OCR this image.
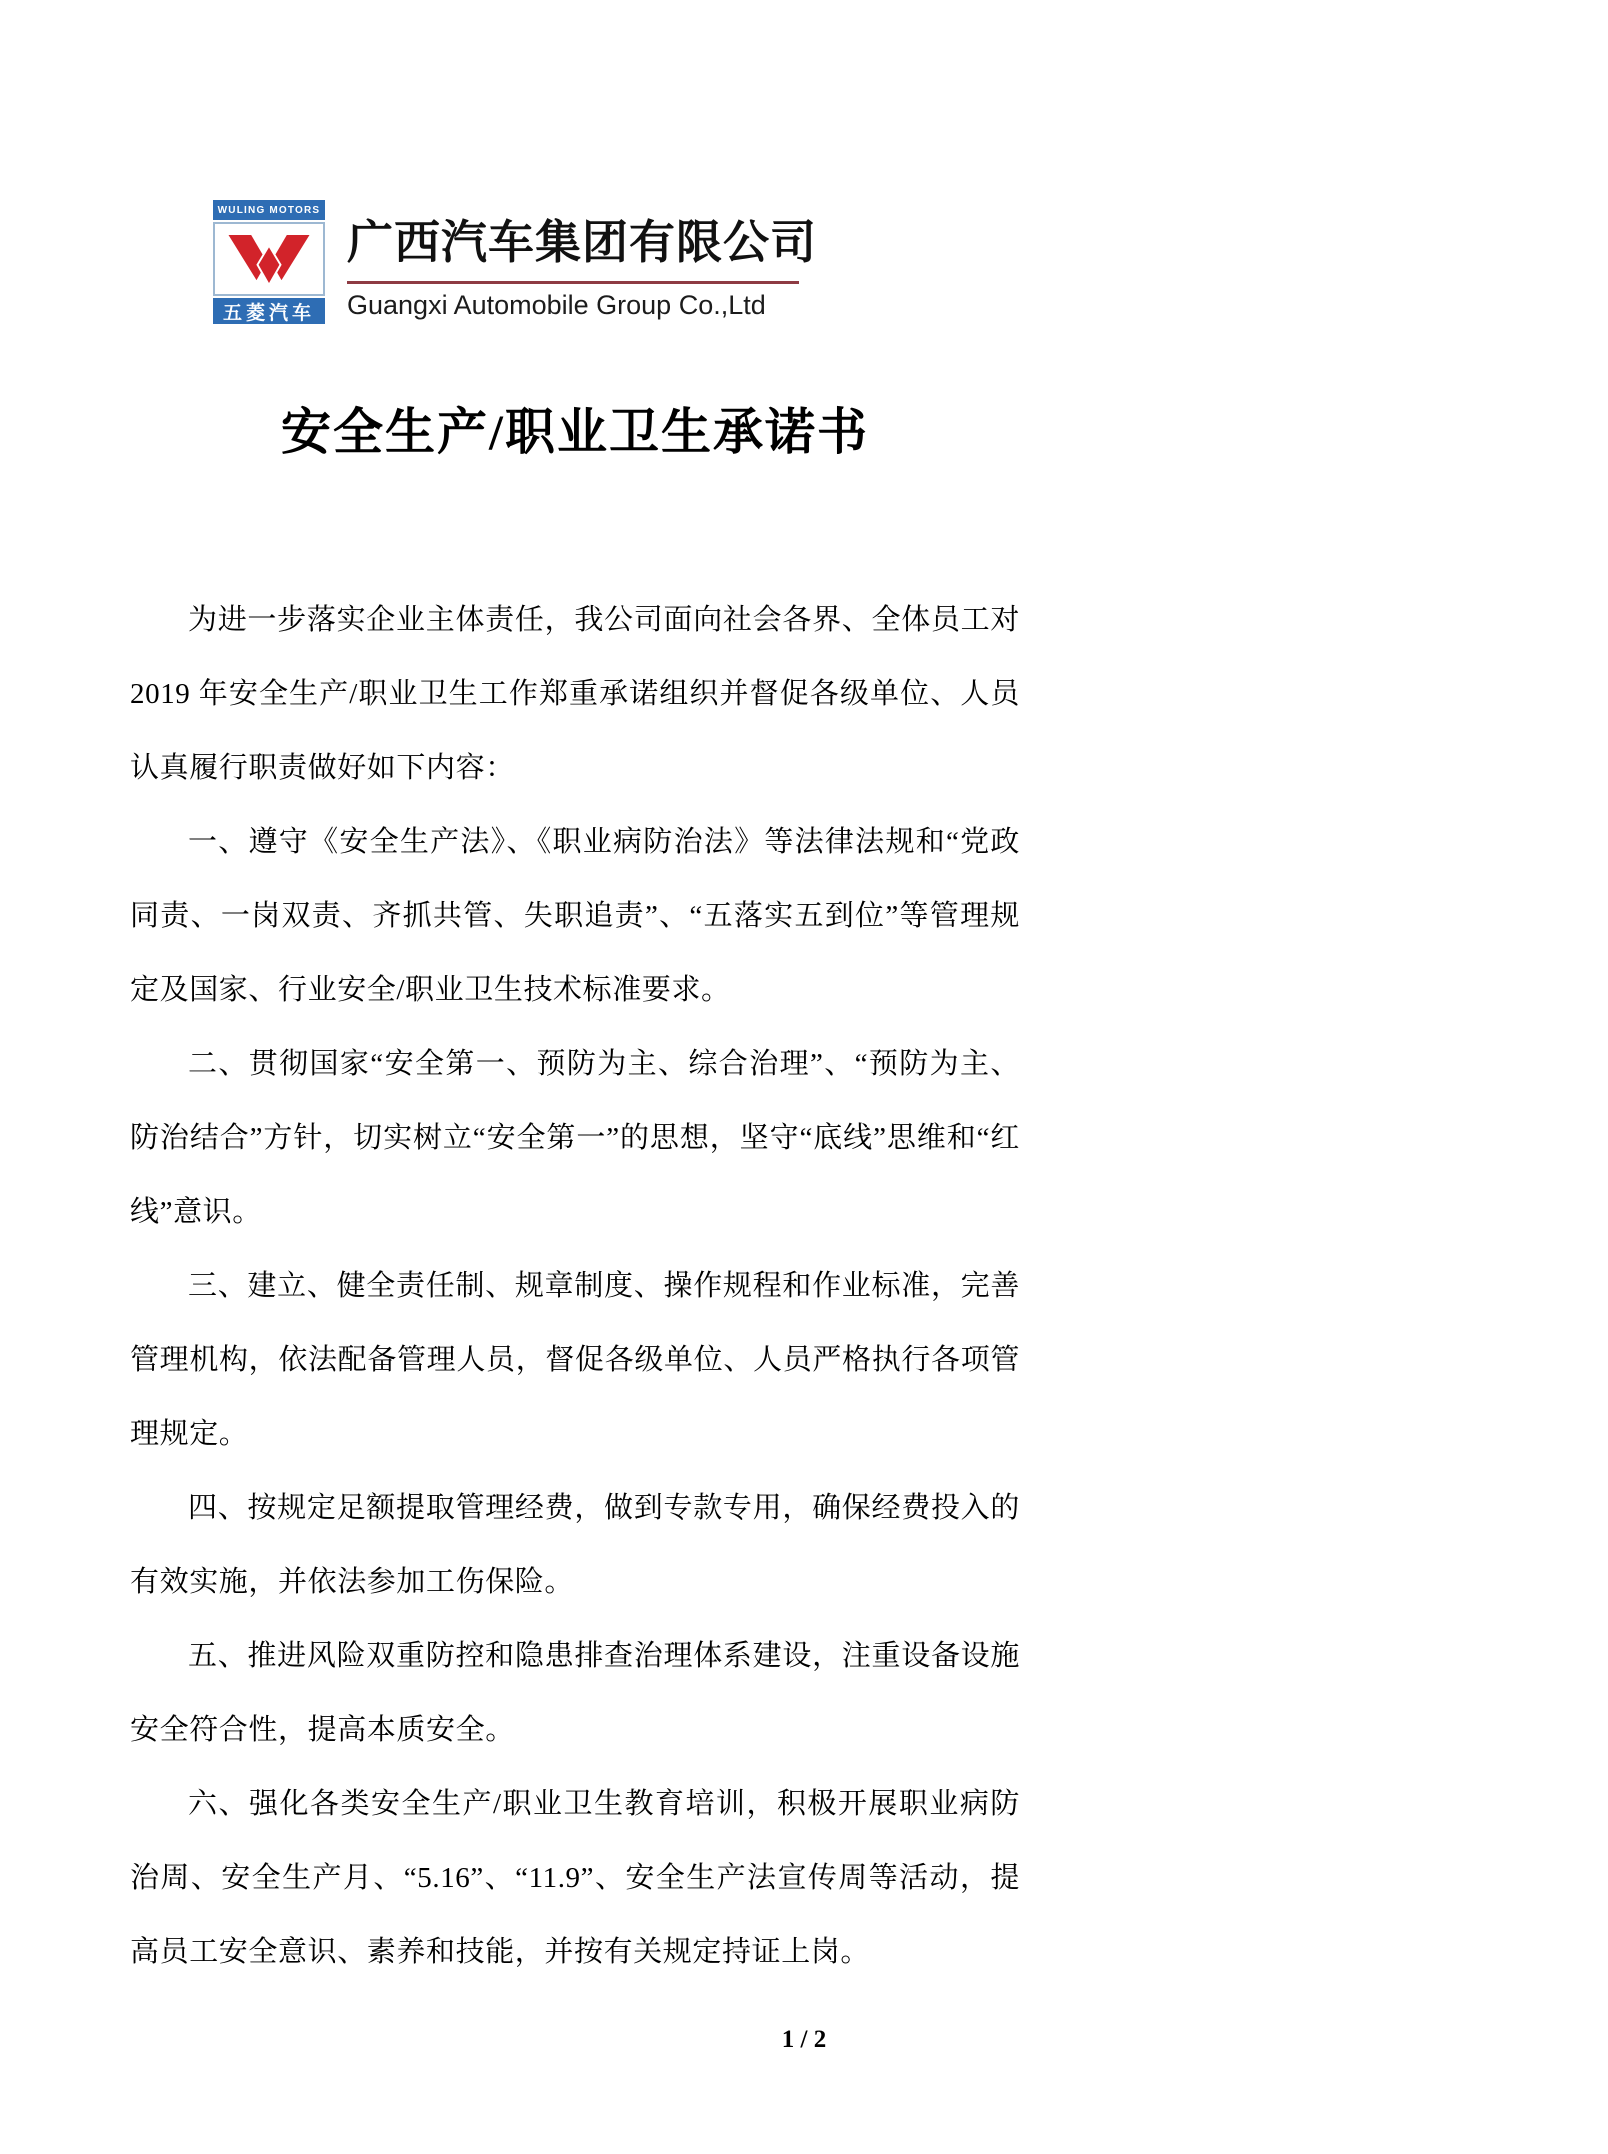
WULING MOTORS
五菱汽车
广西汽车集团有限公司
Guangxi Automobile Group Co.,Ltd
安全生产/职业卫生承诺书

为进一步落实企业主体责任，我公司面向社会各界、全体员工对 2019 年安全生产/职业卫生工作郑重承诺组织并督促各级单位、人员认真履行职责做好如下内容：

一、遵守《安全生产法》、《职业病防治法》等法律法规和“党政同责、一岗双责、齐抓共管、失职追责”、“五落实五到位”等管理规定及国家、行业安全/职业卫生技术标准要求。

二、贯彻国家“安全第一、预防为主、综合治理”、“预防为主、防治结合”方针，切实树立“安全第一”的思想，坚守“底线”思维和“红线”意识。

三、建立、健全责任制、规章制度、操作规程和作业标准，完善管理机构，依法配备管理人员，督促各级单位、人员严格执行各项管理规定。

四、按规定足额提取管理经费，做到专款专用，确保经费投入的有效实施，并依法参加工伤保险。

五、推进风险双重防控和隐患排查治理体系建设，注重设备设施安全符合性，提高本质安全。

六、强化各类安全生产/职业卫生教育培训，积极开展职业病防治周、安全生产月、“5.16”、“11.9”、安全生产法宣传周等活动，提高员工安全意识、素养和技能，并按有关规定持证上岗。

1 / 2
